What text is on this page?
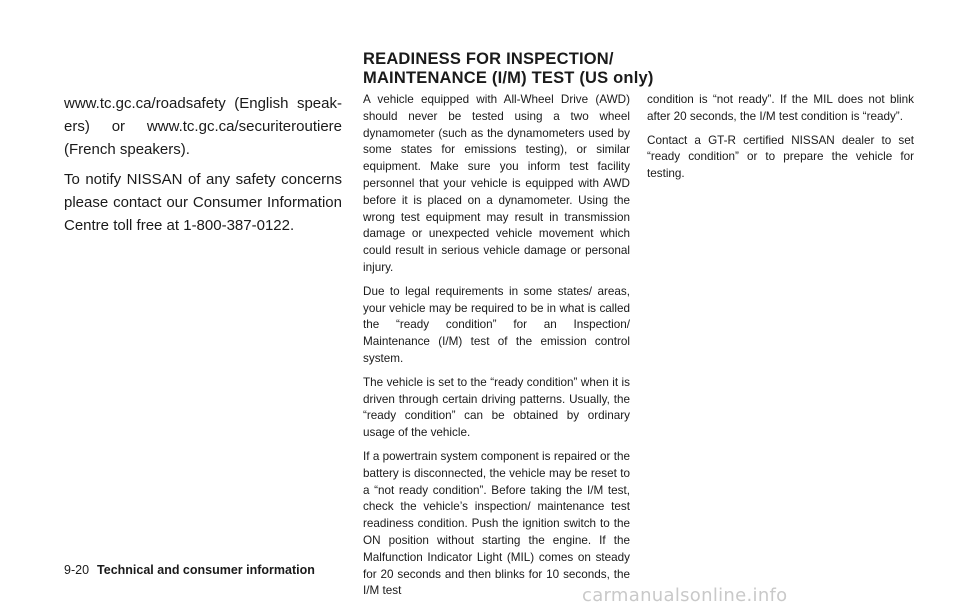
www.tc.gc.ca/roadsafety (English speak- ers) or www.tc.gc.ca/securiteroutiere (French speakers).

To notify NISSAN of any safety concerns please contact our Consumer Information Centre toll free at 1-800-387-0122.

READINESS FOR INSPECTION/
MAINTENANCE (I/M) TEST (US only)

A vehicle equipped with All-Wheel Drive (AWD) should never be tested using a two wheel dynamometer (such as the dynamometers used by some states for emissions testing), or similar equipment. Make sure you inform test facility personnel that your vehicle is equipped with AWD before it is placed on a dynamometer. Using the wrong test equipment may result in transmission damage or unexpected vehicle movement which could result in serious vehicle damage or personal injury.

Due to legal requirements in some states/ areas, your vehicle may be required to be in what is called the “ready condition” for an Inspection/ Maintenance (I/M) test of the emission control system.

The vehicle is set to the “ready condition” when it is driven through certain driving patterns. Usually, the “ready condition” can be obtained by ordinary usage of the vehicle.

If a powertrain system component is repaired or the battery is disconnected, the vehicle may be reset to a “not ready condition”. Before taking the I/M test, check the vehicle’s inspection/ maintenance test readiness condition. Push the ignition switch to the ON position without starting the engine. If the Malfunction Indicator Light (MIL) comes on steady for 20 seconds and then blinks for 10 seconds, the I/M test

condition is “not ready”. If the MIL does not blink after 20 seconds, the I/M test condition is “ready”.

Contact a GT-R certified NISSAN dealer to set “ready condition” or to prepare the vehicle for testing.

9-20 Technical and consumer information
carmanualsonline.info
